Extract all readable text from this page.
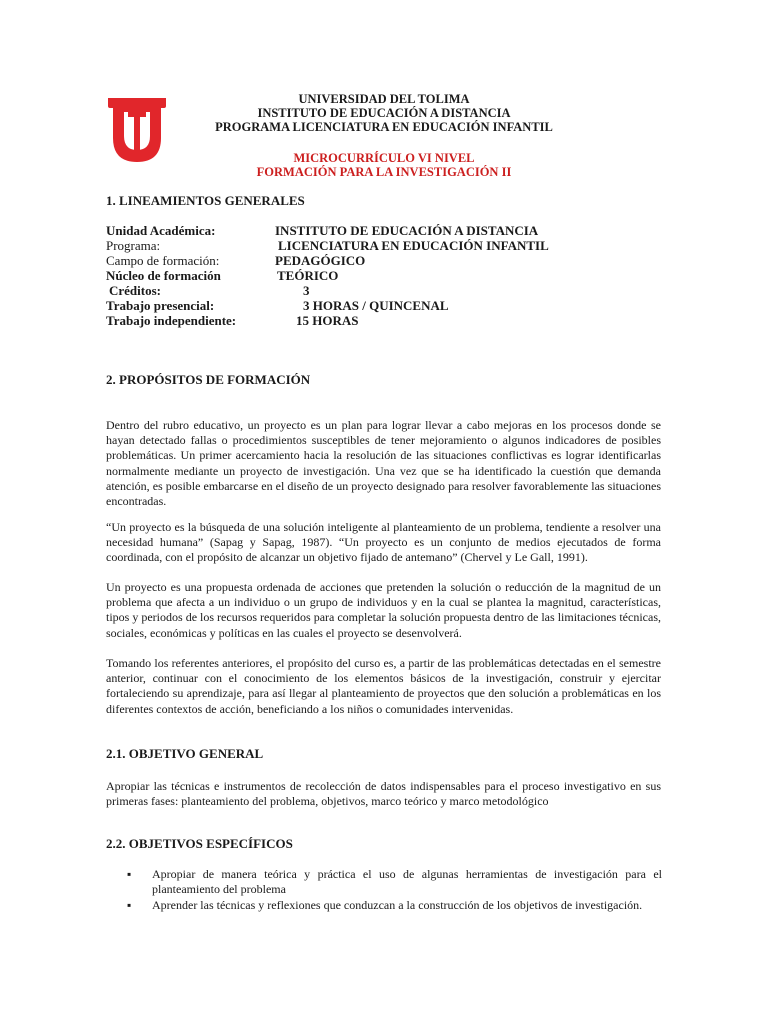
UNIVERSIDAD DEL TOLIMA

INSTITUTO DE EDUCACIÓN A DISTANCIA

PROGRAMA LICENCIATURA EN EDUCACIÓN INFANTIL

MICROCURRÍCULO VI NIVEL

FORMACIÓN PARA LA INVESTIGACIÓN II

1. LINEAMIENTOS GENERALES

Unidad Académica:	INSTITUTO DE EDUCACIÓN A DISTANCIA
Programa:	LICENCIATURA EN EDUCACIÓN INFANTIL
Campo de formación:	PEDAGÓGICO
Núcleo de formación	TEÓRICO
Créditos:	3
Trabajo presencial:	3 HORAS / QUINCENAL
Trabajo independiente:	15 HORAS

2. PROPÓSITOS DE FORMACIÓN

Dentro del rubro educativo, un proyecto es un plan para lograr llevar a cabo mejoras en los procesos donde se hayan detectado fallas o procedimientos susceptibles de tener mejoramiento o algunos indicadores de posibles problemáticas. Un primer acercamiento hacia la resolución de las situaciones conflictivas es lograr identificarlas normalmente mediante un proyecto de investigación. Una vez que se ha identificado la cuestión que demanda atención, es posible embarcarse en el diseño de un proyecto designado para resolver favorablemente las situaciones encontradas.

“Un proyecto es la búsqueda de una solución inteligente al planteamiento de un problema, tendiente a resolver una necesidad humana” (Sapag y Sapag, 1987). “Un proyecto es un conjunto de medios ejecutados de forma coordinada, con el propósito de alcanzar un objetivo fijado de antemano” (Chervel y Le Gall, 1991).

Un proyecto es una propuesta ordenada de acciones que pretenden la solución o reducción de la magnitud de un problema que afecta a un individuo o un grupo de individuos y en la cual se plantea la magnitud, características, tipos y periodos de los recursos requeridos para completar la solución propuesta dentro de las limitaciones técnicas, sociales, económicas y políticas en las cuales el proyecto se desenvolverá.

Tomando los referentes anteriores, el propósito del curso es, a partir de las problemáticas detectadas en el semestre anterior, continuar con el conocimiento de los elementos básicos de la investigación, construir y ejercitar fortaleciendo su aprendizaje, para así llegar al planteamiento de proyectos que den solución a problemáticas en los diferentes contextos de acción, beneficiando a los niños o comunidades intervenidas.

2.1. OBJETIVO GENERAL

Apropiar las técnicas e instrumentos de recolección de datos indispensables para el proceso investigativo en sus primeras fases: planteamiento del problema, objetivos, marco teórico y marco metodológico

2.2. OBJETIVOS ESPECÍFICOS

▪ Apropiar de manera teórica y práctica el uso de algunas herramientas de investigación para el planteamiento del problema

▪ Aprender las técnicas y reflexiones que conduzcan a la construcción de los objetivos de investigación.
